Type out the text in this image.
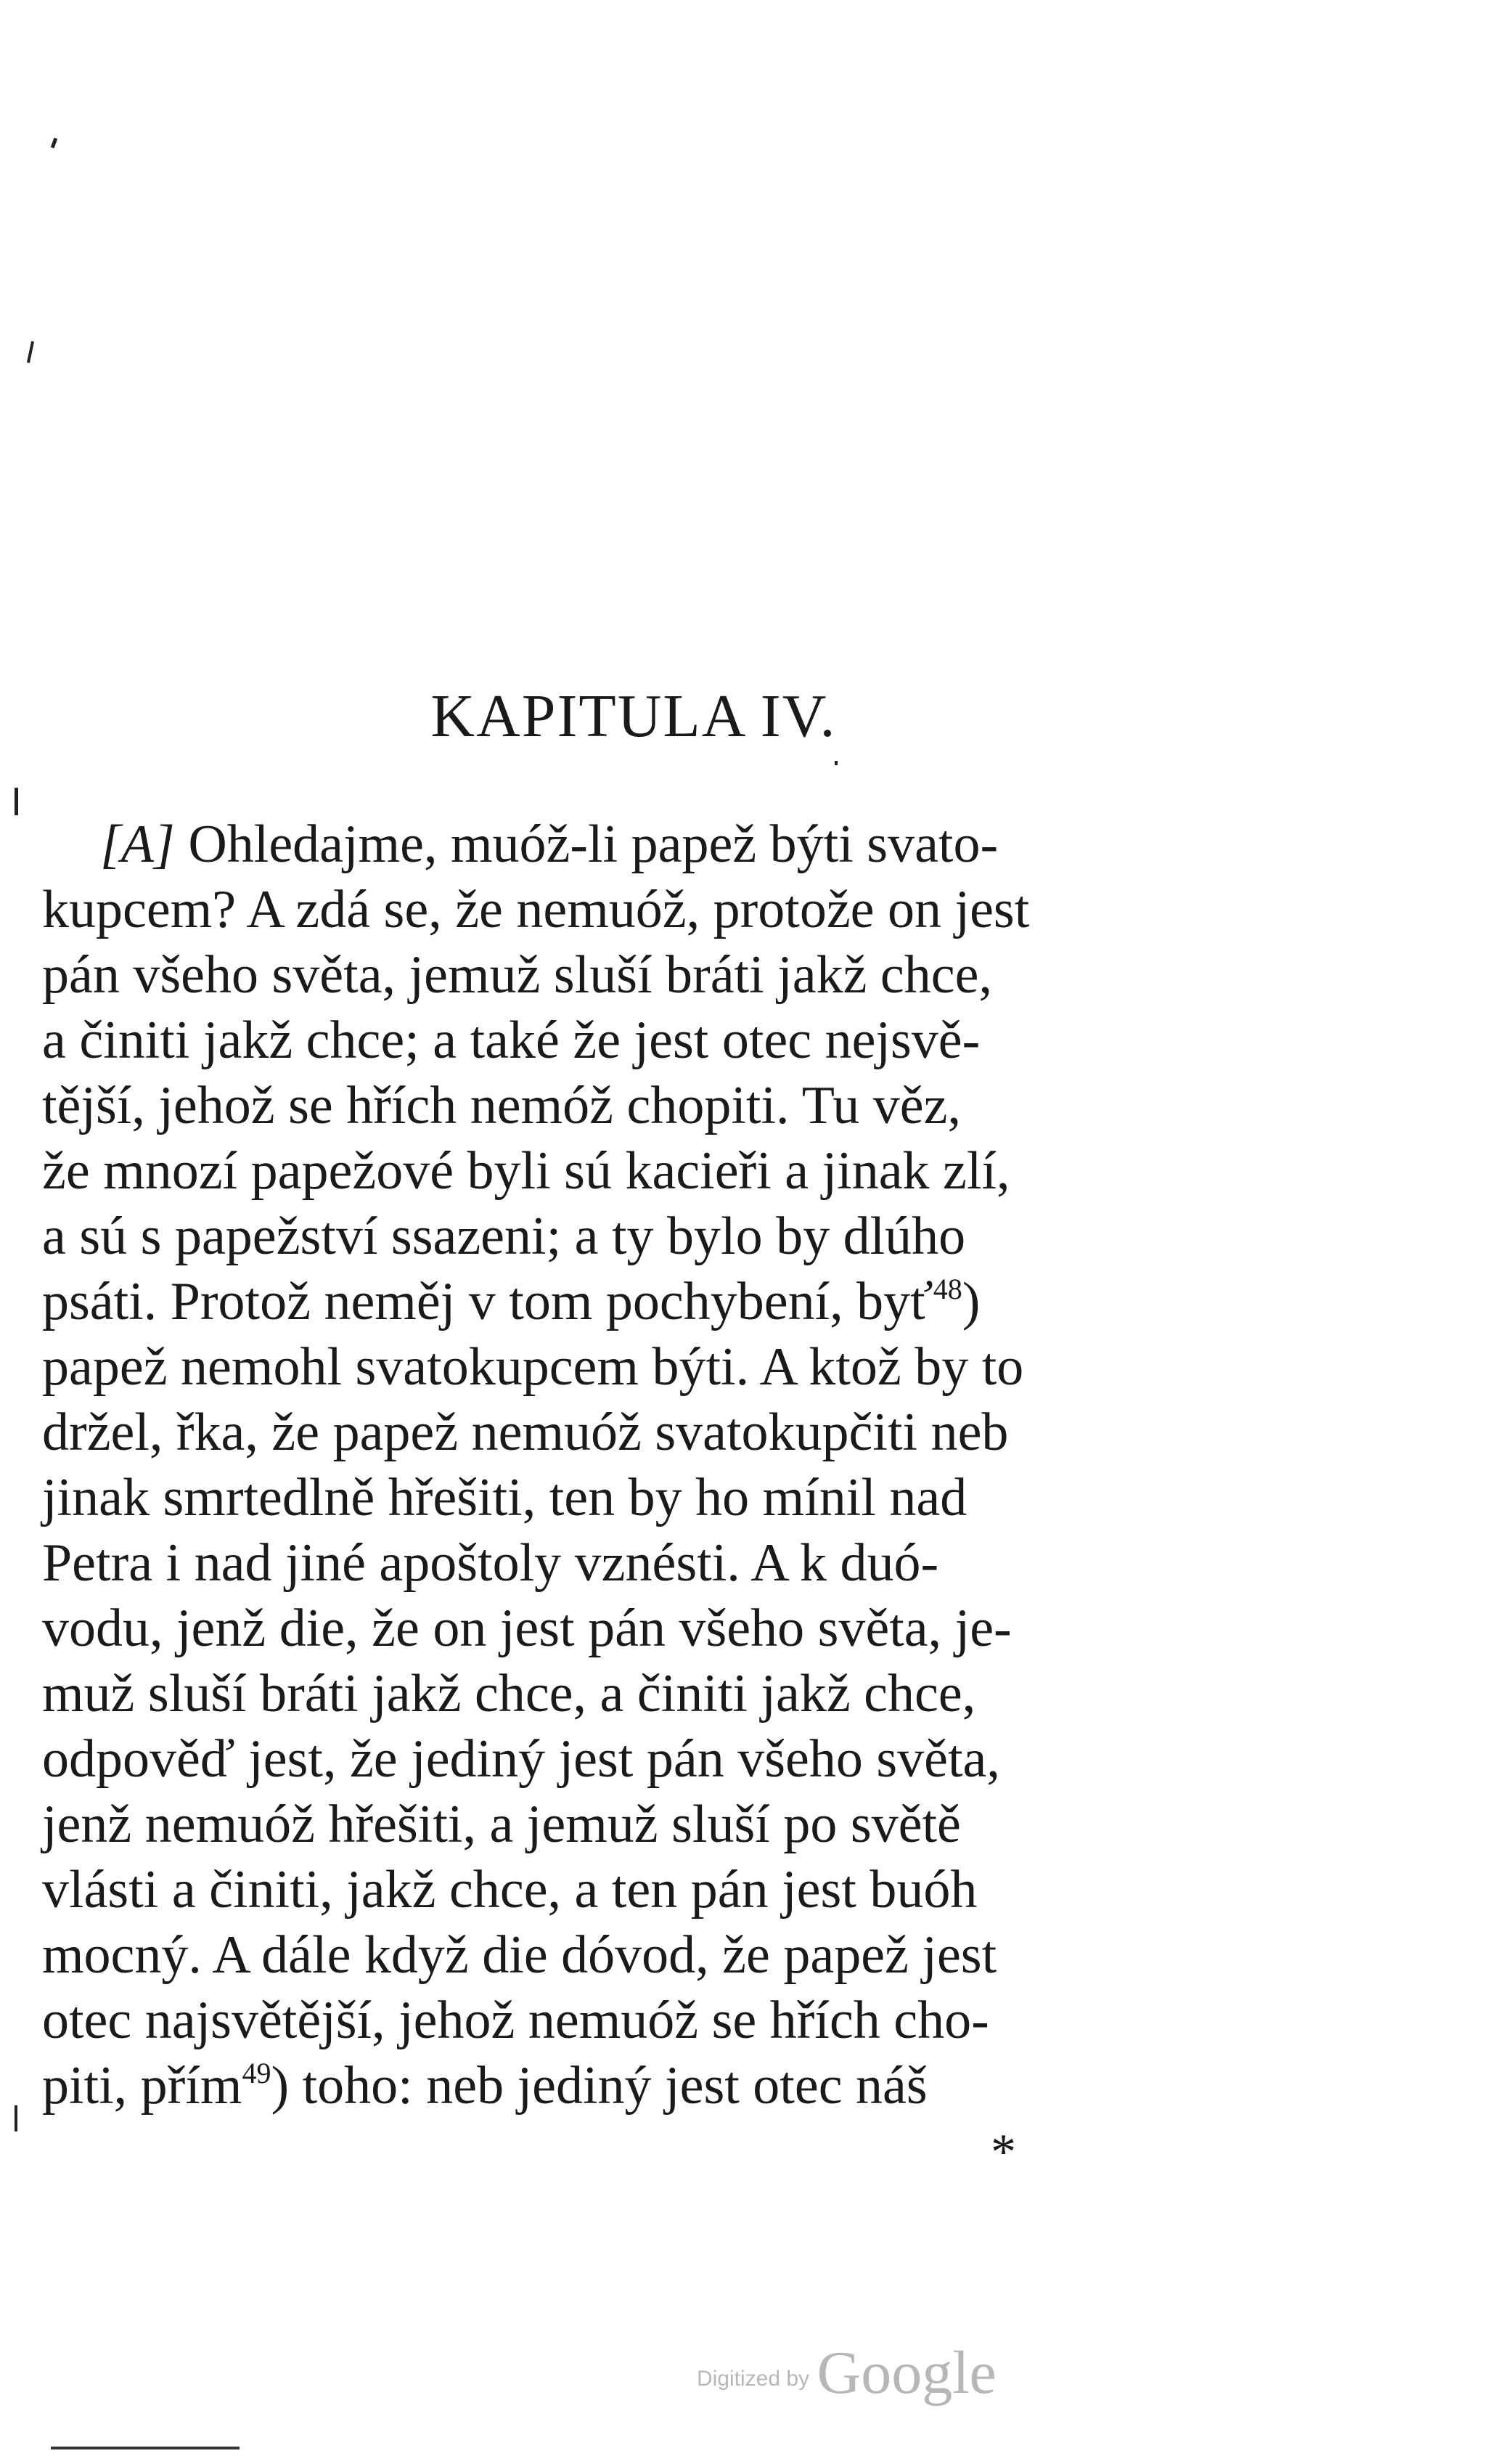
KAPITULA IV.
[A] Ohledajme, muóž-li papež býti svato-
kupcem? A zdá se, že nemuóž, protože on jest
pán všeho světa, jemuž sluší bráti jakž chce,
a činiti jakž chce; a také že jest otec nejsvě-
tější, jehož se hřích nemóž chopiti. Tu věz,
že mnozí papežové byli sú kacieři a jinak zlí,
a sú s papežství ssazeni; a ty bylo by dlúho
psáti. Protož neměj v tom pochybení, byť$^{48}$)
papež nemohl svatokupcem býti. A ktož by to
držel, řka, že papež nemuóž svatokupčiti neb
jinak smrtedlně hřešiti, ten by ho mínil nad
Petra i nad jiné apoštoly vznésti. A k duó-
vodu, jenž die, že on jest pán všeho světa, je-
muž sluší bráti jakž chce, a činiti jakž chce,
odpověď jest, že jediný jest pán všeho světa,
jenž nemuóž hřešiti, a jemuž sluší po světě
vlásti a činiti, jakž chce, a ten pán jest buóh
mocný. A dále když die dóvod, že papež jest
otec najsvětější, jehož nemuóž se hřích cho-
piti, přím$^{49}$) toho: neb jediný jest otec náš
*
Digitized by Google
